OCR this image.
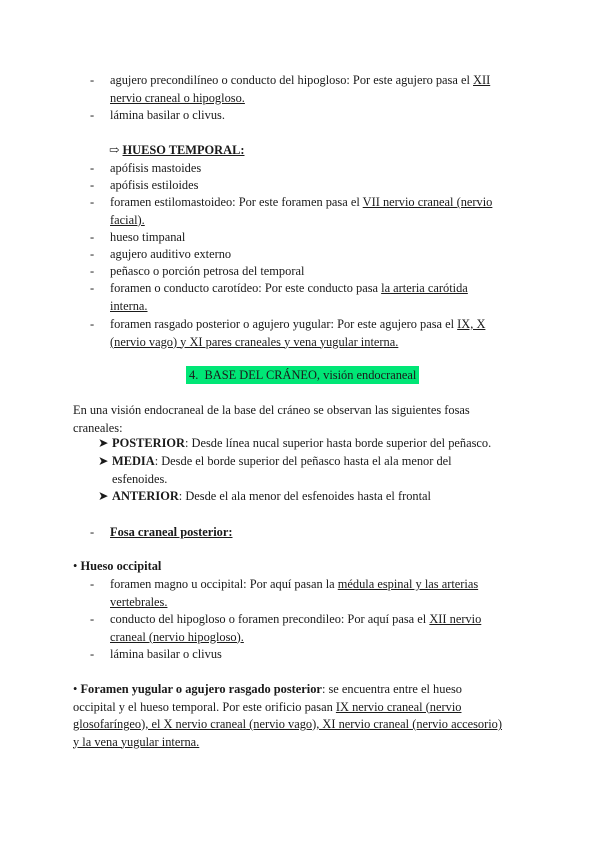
- agujero precondilíneo o conducto del hipogloso: Por este agujero pasa el XII
nervio craneal o hipogloso.
- lámina basilar o clivus.
⇨ HUESO TEMPORAL:
- apófisis mastoides
- apófisis estiloides
- foramen estilomastoideo: Por este foramen pasa el VII nervio craneal (nervio
facial).
- hueso timpanal
- agujero auditivo externo
- peñasco o porción petrosa del temporal
- foramen o conducto carotídeo: Por este conducto pasa la arteria carótida
interna.
- foramen rasgado posterior o agujero yugular: Por este agujero pasa el IX, X
(nervio vago) y XI pares craneales y vena yugular interna.
4. BASE DEL CRÁNEO, visión endocraneal
En una visión endocraneal de la base del cráneo se observan las siguientes fosas
craneales:
➤ POSTERIOR: Desde línea nucal superior hasta borde superior del peñasco.
➤ MEDIA: Desde el borde superior del peñasco hasta el ala menor del
esfenoides.
➤ ANTERIOR: Desde el ala menor del esfenoides hasta el frontal
- Fosa craneal posterior:
• Hueso occipital
- foramen magno u occipital: Por aquí pasan la médula espinal y las arterias
vertebrales.
- conducto del hipogloso o foramen precondileo: Por aquí pasa el XII nervio
craneal (nervio hipogloso).
- lámina basilar o clivus
• Foramen yugular o agujero rasgado posterior: se encuentra entre el hueso
occipital y el hueso temporal. Por este orificio pasan IX nervio craneal (nervio
glosofaríngeo), el X nervio craneal (nervio vago), XI nervio craneal (nervio accesorio)
y la vena yugular interna.
